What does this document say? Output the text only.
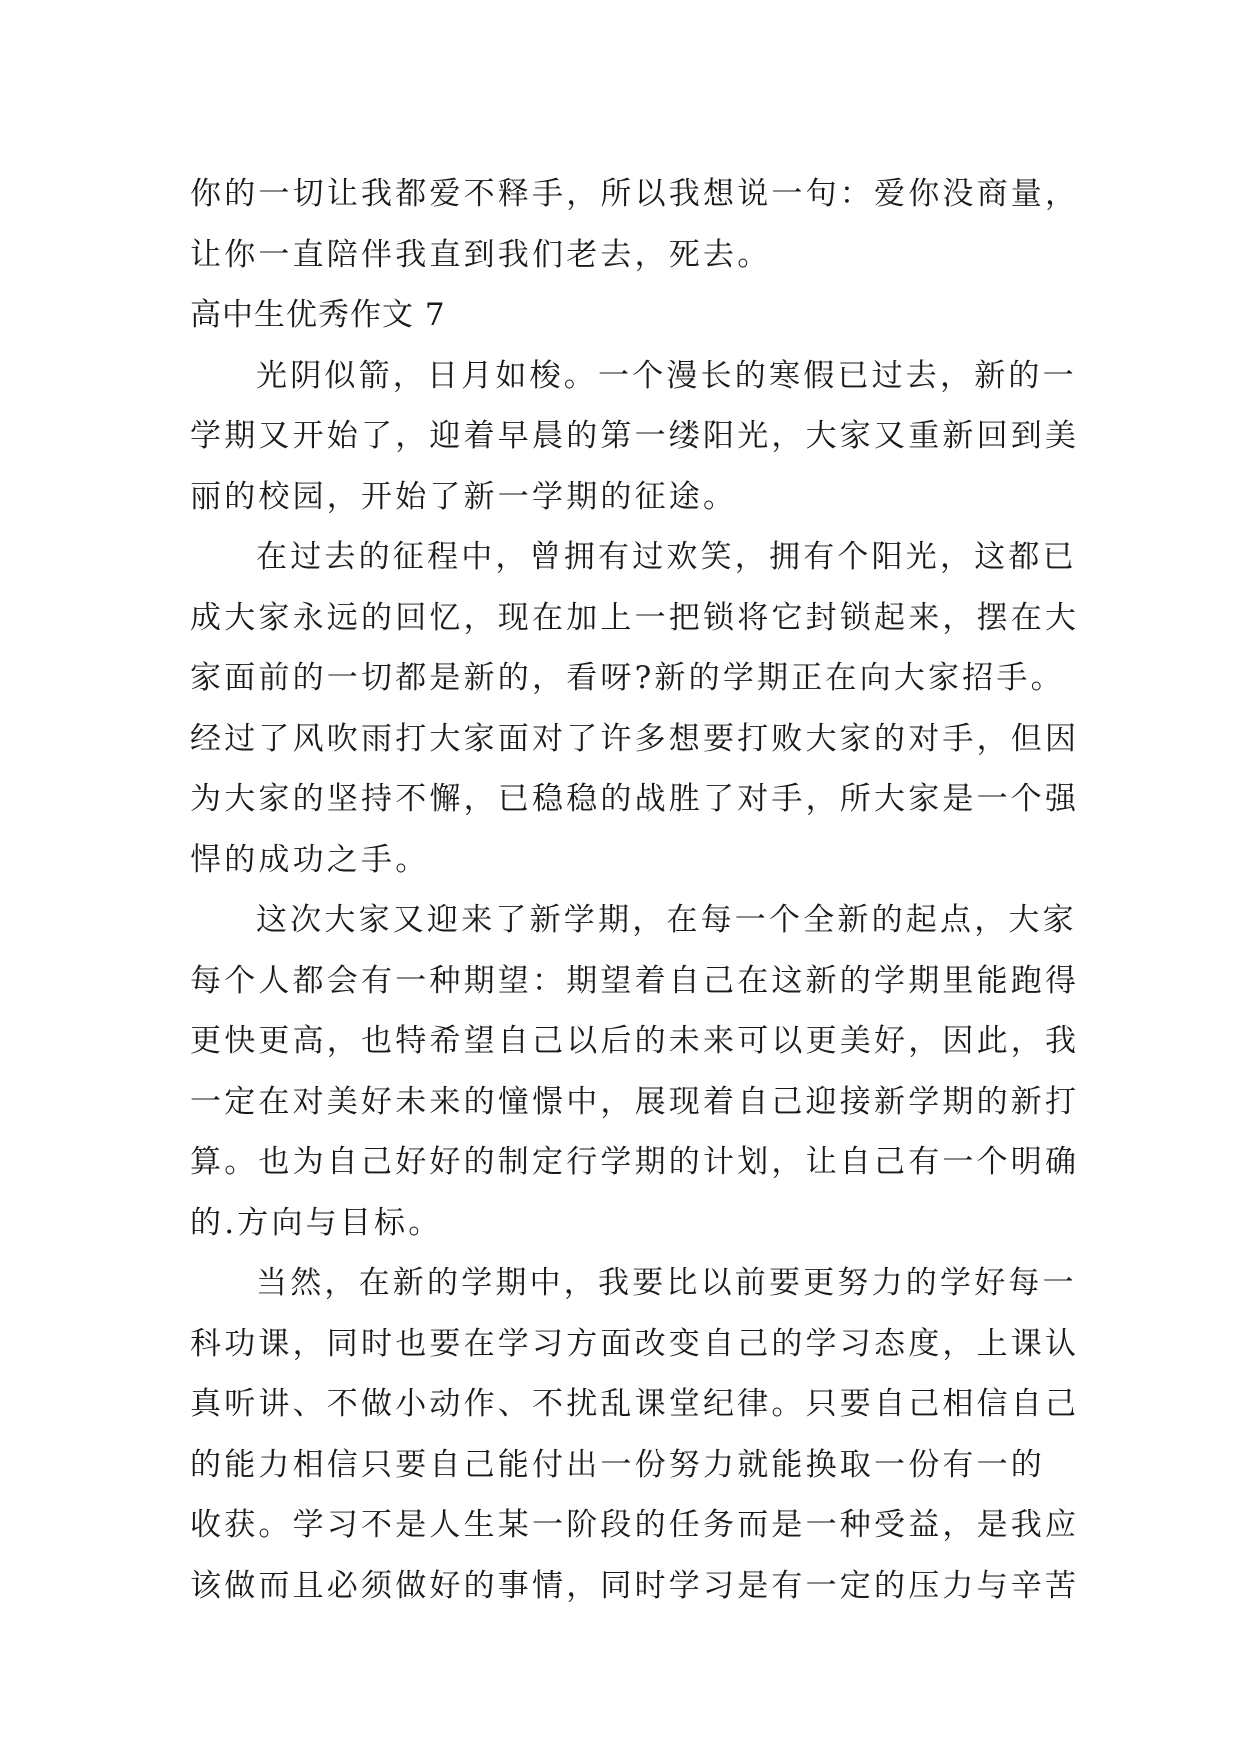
你的一切让我都爱不释手，所以我想说一句：爱你没商量，

让你一直陪伴我直到我们老去，死去。

高中生优秀作文 7

光阴似箭，日月如梭。一个漫长的寒假已过去，新的一

学期又开始了，迎着早晨的第一缕阳光，大家又重新回到美

丽的校园，开始了新一学期的征途。

在过去的征程中，曾拥有过欢笑，拥有个阳光，这都已

成大家永远的回忆，现在加上一把锁将它封锁起来，摆在大

家面前的一切都是新的，看呀?新的学期正在向大家招手。

经过了风吹雨打大家面对了许多想要打败大家的对手，但因

为大家的坚持不懈，已稳稳的战胜了对手，所大家是一个强

悍的成功之手。

这次大家又迎来了新学期，在每一个全新的起点，大家

每个人都会有一种期望：期望着自己在这新的学期里能跑得

更快更高，也特希望自己以后的未来可以更美好，因此，我

一定在对美好未来的憧憬中，展现着自己迎接新学期的新打

算。也为自己好好的制定行学期的计划，让自己有一个明确

的.方向与目标。

当然，在新的学期中，我要比以前要更努力的学好每一

科功课，同时也要在学习方面改变自己的学习态度，上课认

真听讲、不做小动作、不扰乱课堂纪律。只要自己相信自己

的能力相信只要自己能付出一份努力就能换取一份有一的

收获。学习不是人生某一阶段的任务而是一种受益，是我应

该做而且必须做好的事情，同时学习是有一定的压力与辛苦
